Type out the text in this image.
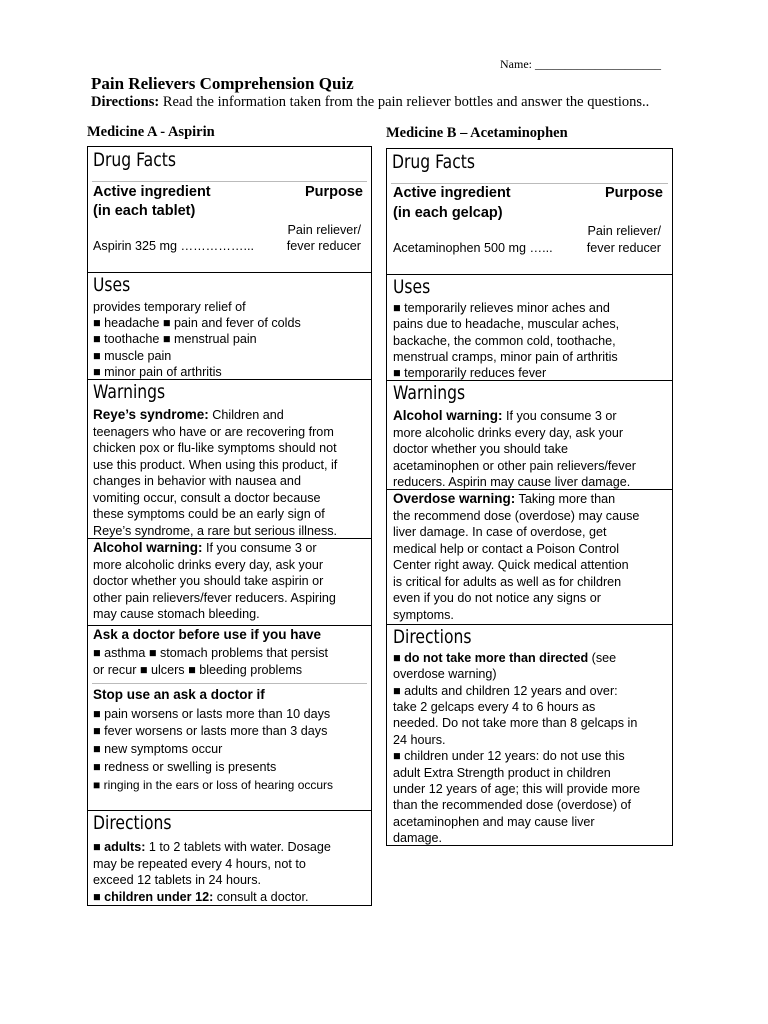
Name: _____________________
Pain Relievers Comprehension Quiz
Directions: Read the information taken from the pain reliever bottles and answer the questions..
Medicine A - Aspirin
Drug Facts
Active ingredient	Purpose
(in each tablet)
Pain reliever/
Aspirin 325 mg ……………...	fever reducer
Uses
provides temporary relief of
■ headache ■ pain and fever of colds
■ toothache ■ menstrual pain
■ muscle pain
■ minor pain of arthritis
Warnings
Reye’s syndrome: Children and
teenagers who have or are recovering from
chicken pox or flu-like symptoms should not
use this product. When using this product, if
changes in behavior with nausea and
vomiting occur, consult a doctor because
these symptoms could be an early sign of
Reye’s syndrome, a rare but serious illness.
Alcohol warning: If you consume 3 or
more alcoholic drinks every day, ask your
doctor whether you should take aspirin or
other pain relievers/fever reducers. Aspiring
may cause stomach bleeding.
Ask a doctor before use if you have
■ asthma ■ stomach problems that persist
or recur ■ ulcers ■ bleeding problems
Stop use an ask a doctor if
■ pain worsens or lasts more than 10 days
■ fever worsens or lasts more than 3 days
■ new symptoms occur
■ redness or swelling is presents
■ ringing in the ears or loss of hearing occurs
Directions
■ adults: 1 to 2 tablets with water. Dosage
may be repeated every 4 hours, not to
exceed 12 tablets in 24 hours.
■ children under 12: consult a doctor.
Medicine B – Acetaminophen
Drug Facts
Active ingredient	Purpose
(in each gelcap)
Pain reliever/
Acetaminophen 500 mg …...	fever reducer
Uses
■ temporarily relieves minor aches and
pains due to headache, muscular aches,
backache, the common cold, toothache,
menstrual cramps, minor pain of arthritis
■ temporarily reduces fever
Warnings
Alcohol warning: If you consume 3 or
more alcoholic drinks every day, ask your
doctor whether you should take
acetaminophen or other pain relievers/fever
reducers. Aspirin may cause liver damage.
Overdose warning: Taking more than
the recommend dose (overdose) may cause
liver damage. In case of overdose, get
medical help or contact a Poison Control
Center right away. Quick medical attention
is critical for adults as well as for children
even if you do not notice any signs or
symptoms.
Directions
■ do not take more than directed (see
overdose warning)
■ adults and children 12 years and over:
take 2 gelcaps every 4 to 6 hours as
needed. Do not take more than 8 gelcaps in
24 hours.
■ children under 12 years: do not use this
adult Extra Strength product in children
under 12 years of age; this will provide more
than the recommended dose (overdose) of
acetaminophen and may cause liver
damage.
